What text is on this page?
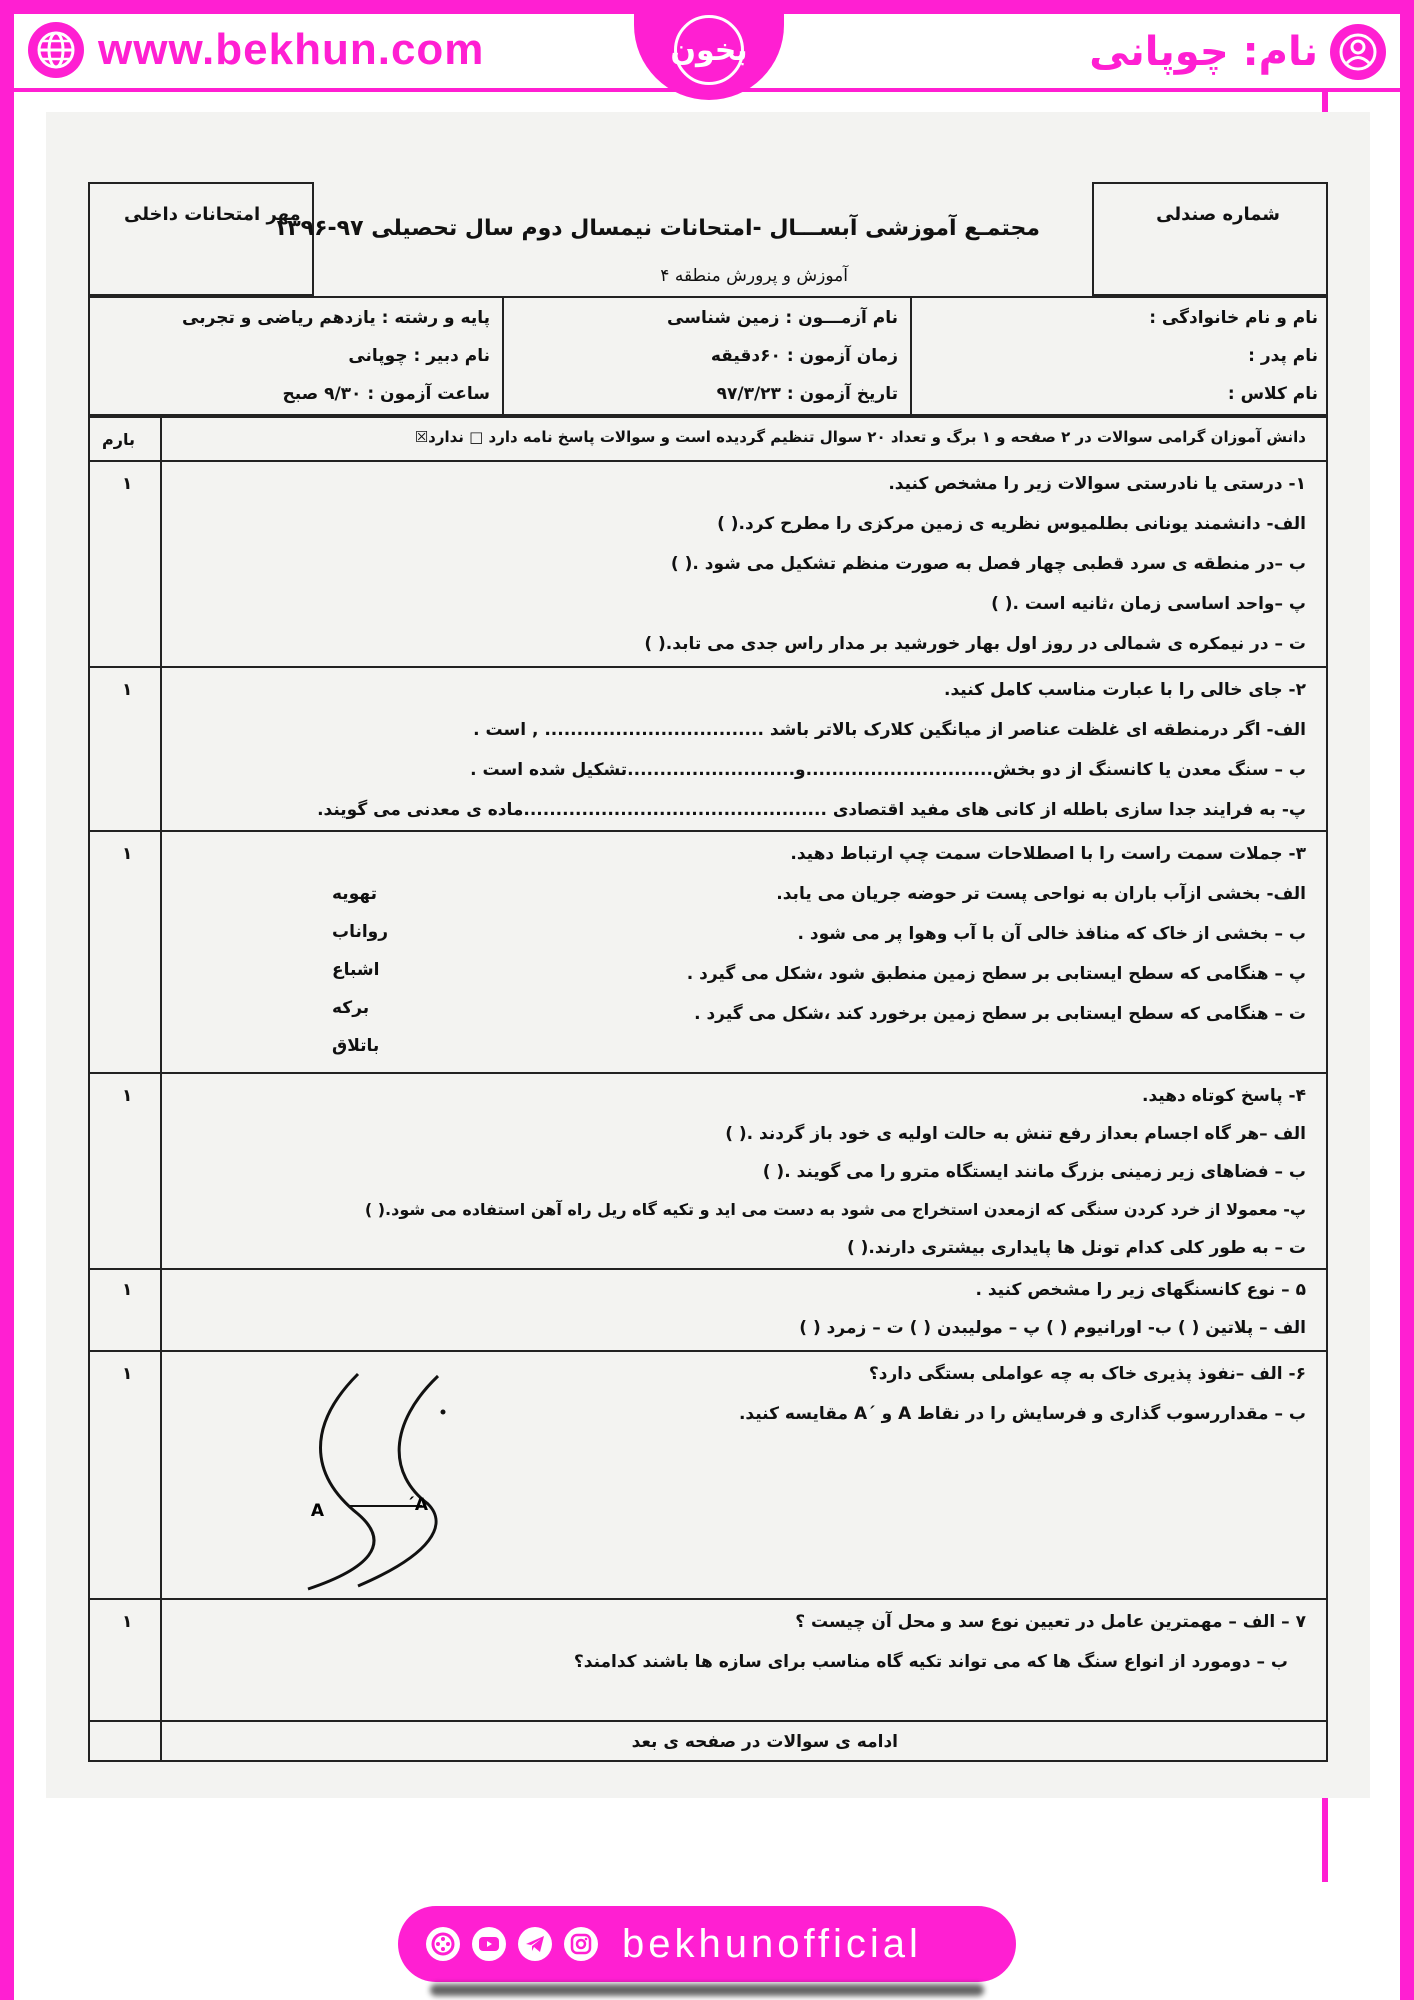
www.bekhun.com	بخون	نام: چوپانی
شماره صندلی
مهر امتحانات داخلی
مجتمـع آموزشی آبســـال -امتحانات نیمسال دوم سال تحصیلی ۹۷-۱۳۹۶
آموزش و پرورش منطقه ۴
نام و نام خانوادگی :
نام پدر :
نام کلاس :
نام آزمـــون : زمین شناسی
زمان آزمون : ۶۰دقیقه
تاریخ آزمون : ۹۷/۳/۲۳
پایه و رشته : یازدهم ریاضی و تجربی
نام دبیر : چوپانی
ساعت آزمون : ۹/۳۰ صبح
دانش آموزان گرامی سوالات در ۲ صفحه و ۱ برگ و تعداد ۲۰ سوال تنظیم گردیده است و سوالات پاسخ نامه دارد □ ندارد☒
بارم
۱	۱- درستی یا نادرستی سوالات زیر را مشخص کنید.
الف- دانشمند یونانی بطلمیوس نظریه ی زمین مرکزی را مطرح کرد.( )
ب –در منطقه ی سرد قطبی چهار فصل به صورت منظم تشکیل می شود .( )
پ –واحد اساسی زمان ،ثانیه است .( )
ت – در نیمکره ی شمالی در روز اول بهار خورشید بر مدار راس جدی می تابد.( )
۱	۲- جای خالی را با عبارت مناسب کامل کنید.
الف- اگر درمنطقه ای غلظت عناصر از میانگین کلارک بالاتر باشد .................................. , است .
ب – سنگ معدن یا کانسنگ از دو بخش.............................و..........................تشکیل شده است .
پ- به فرایند جدا سازی باطله از کانی های مفید اقتصادی ...............................................ماده ی معدنی می گویند.
۱	۳- جملات سمت راست را با اصطلاحات سمت چپ ارتباط دهید.
الف- بخشی ازآب باران به نواحی پست تر حوضه جریان می یابد.
ب – بخشی از خاک که منافذ خالی آن با آب وهوا پر می شود .
پ – هنگامی که سطح ایستابی بر سطح زمین منطبق شود ،شکل می گیرد .
ت – هنگامی که سطح ایستابی بر سطح زمین برخورد کند ،شکل می گیرد .
تهویه
رواناب
اشباع
برکه
باتلاق
۱	۴- پاسخ کوتاه دهید.
الف –هر گاه اجسام بعداز رفع تنش به حالت اولیه ی خود باز گردند .( )
ب – فضاهای زیر زمینی بزرگ مانند ایستگاه مترو را می گویند .( )
پ- معمولا از خرد کردن سنگی که ازمعدن استخراج می شود به دست می اید و تکیه گاه ریل راه آهن استفاده می شود.( )
ت – به طور کلی کدام تونل ها پایداری بیشتری دارند.( )
۱	۵ – نوع کانسنگهای زیر را مشخص کنید .
الف – پلاتین ( ) ب- اورانیوم ( ) پ – مولیبدن ( ) ت – زمرد ( )
۱	۶- الف –نفوذ پذیری خاک به چه عواملی بستگی دارد؟
ب – مقداررسوب گذاری و فرسایش را در نقاط A و ´A مقایسه کنید.
A	A´
۱	۷ – الف – مهمترین عامل در تعیین نوع سد و محل آن چیست ؟
ب – دومورد از انواع سنگ ها که می تواند تکیه گاه مناسب برای سازه ها باشند کدامند؟
ادامه ی سوالات در صفحه ی بعد
bekhunofficial
